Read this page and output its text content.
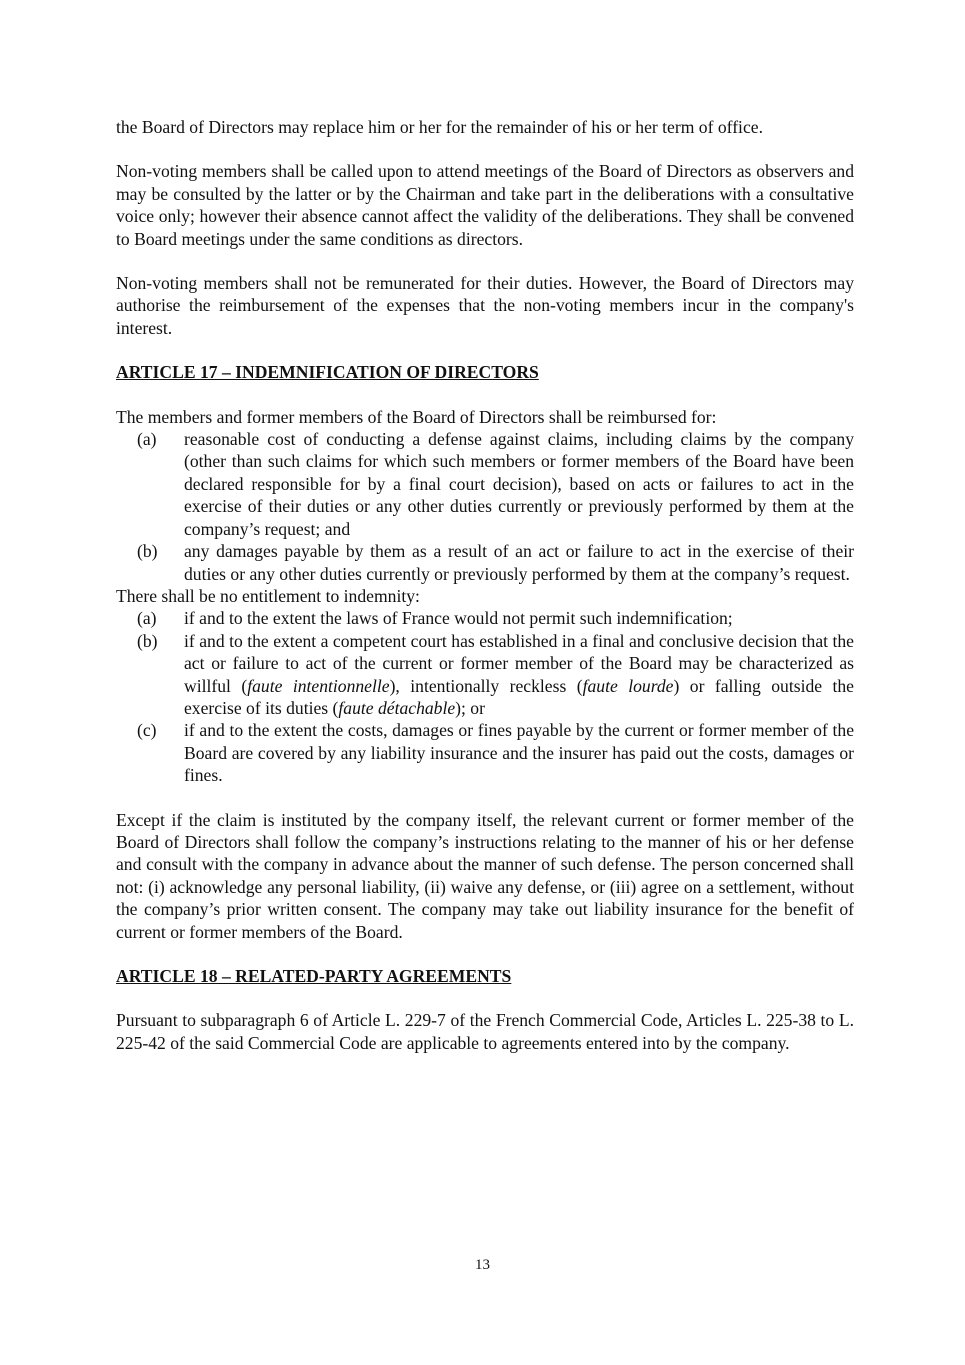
the Board of Directors may replace him or her for the remainder of his or her term of office.

Non-voting members shall be called upon to attend meetings of the Board of Directors as observers and may be consulted by the latter or by the Chairman and take part in the deliberations with a consultative voice only; however their absence cannot affect the validity of the deliberations. They shall be convened to Board meetings under the same conditions as directors.

Non-voting members shall not be remunerated for their duties. However, the Board of Directors may authorise the reimbursement of the expenses that the non-voting members incur in the company's interest.

ARTICLE 17 – INDEMNIFICATION OF DIRECTORS

The members and former members of the Board of Directors shall be reimbursed for:

(a) reasonable cost of conducting a defense against claims, including claims by the company (other than such claims for which such members or former members of the Board have been declared responsible for by a final court decision), based on acts or failures to act in the exercise of their duties or any other duties currently or previously performed by them at the company’s request; and
(b) any damages payable by them as a result of an act or failure to act in the exercise of their duties or any other duties currently or previously performed by them at the company’s request.

There shall be no entitlement to indemnity:

(a) if and to the extent the laws of France would not permit such indemnification;
(b) if and to the extent a competent court has established in a final and conclusive decision that the act or failure to act of the current or former member of the Board may be characterized as willful (faute intentionnelle), intentionally reckless (faute lourde) or falling outside the exercise of its duties (faute détachable); or
(c) if and to the extent the costs, damages or fines payable by the current or former member of the Board are covered by any liability insurance and the insurer has paid out the costs, damages or fines.

Except if the claim is instituted by the company itself, the relevant current or former member of the Board of Directors shall follow the company’s instructions relating to the manner of his or her defense and consult with the company in advance about the manner of such defense. The person concerned shall not: (i) acknowledge any personal liability, (ii) waive any defense, or (iii) agree on a settlement, without the company’s prior written consent. The company may take out liability insurance for the benefit of current or former members of the Board.

ARTICLE 18 – RELATED-PARTY AGREEMENTS

Pursuant to subparagraph 6 of Article L. 229-7 of the French Commercial Code, Articles L. 225-38 to L. 225-42 of the said Commercial Code are applicable to agreements entered into by the company.

13
